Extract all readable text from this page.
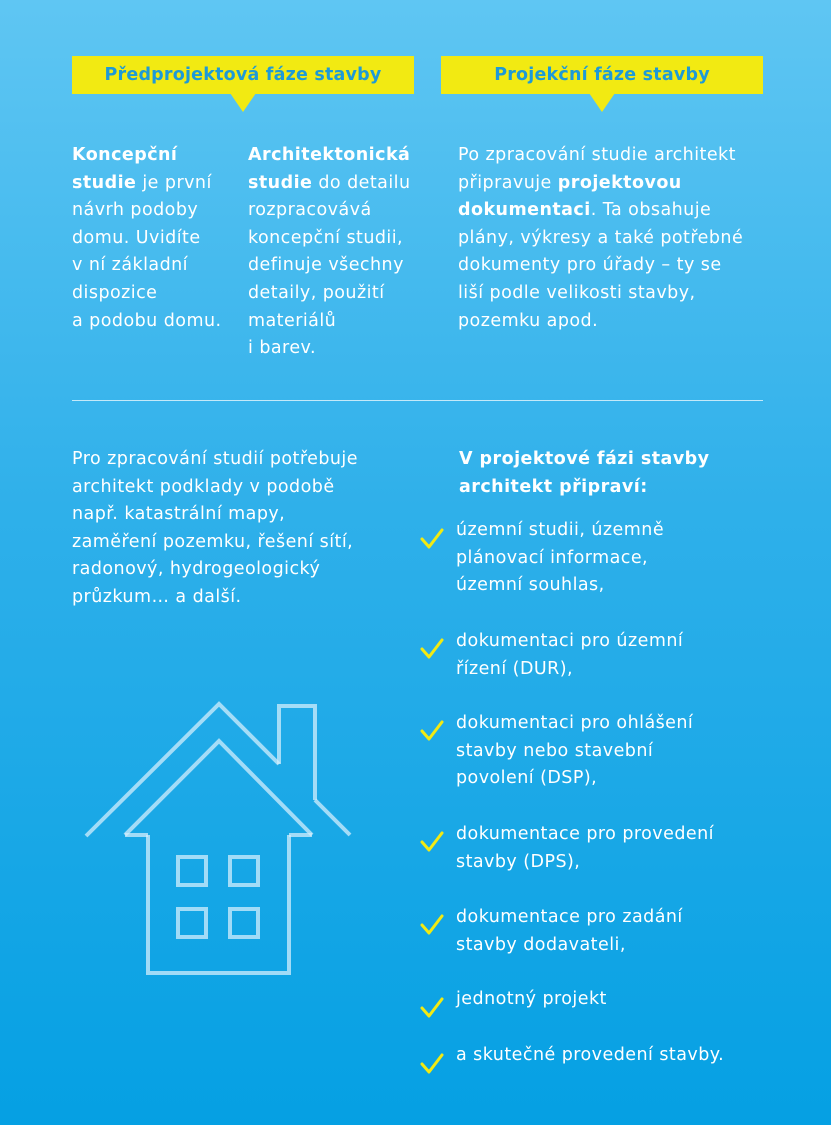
Předprojektová fáze stavby	Projekční fáze stavby
Koncepční
studie je první
návrh podoby
domu. Uvidíte
v ní základní
dispozice
a podobu domu.
Architektonická
studie do detailu
rozpracovává
koncepční studii,
definuje všechny
detaily, použití
materiálů
i barev.
Po zpracování studie architekt
připravuje projektovou
dokumentaci. Ta obsahuje
plány, výkresy a také potřebné
dokumenty pro úřady – ty se
liší podle velikosti stavby,
pozemku apod.
Pro zpracování studií potřebuje
architekt podklady v podobě
např. katastrální mapy,
zaměření pozemku, řešení sítí,
radonový, hydrogeologický
průzkum… a další.
V projektové fázi stavby
architekt připraví:
územní studii, územně
plánovací informace,
územní souhlas,
dokumentaci pro územní
řízení (DUR),
dokumentaci pro ohlášení
stavby nebo stavební
povolení (DSP),
dokumentace pro provedení
stavby (DPS),
dokumentace pro zadání
stavby dodavateli,
jednotný projekt
a skutečné provedení stavby.
